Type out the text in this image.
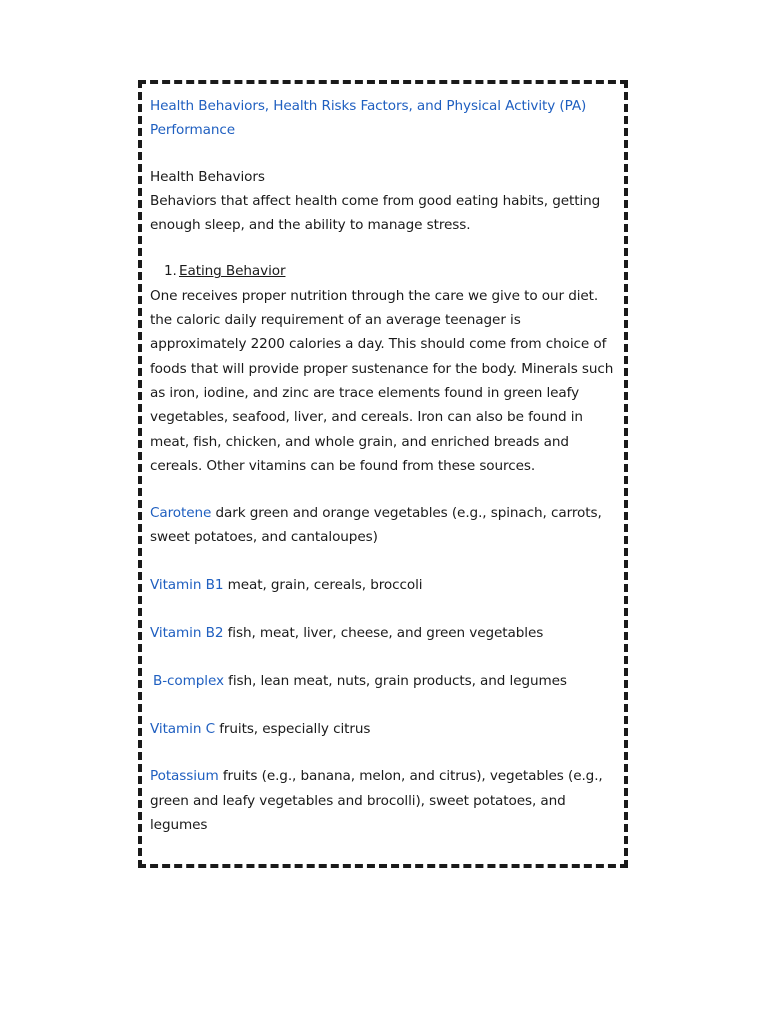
Health Behaviors, Health Risks Factors, and Physical Activity (PA) Performance

Health Behaviors

Behaviors that affect health come from good eating habits, getting enough sleep, and the ability to manage stress.

1. Eating Behavior

One receives proper nutrition through the care we give to our diet. the caloric daily requirement of an average teenager is approximately 2200 calories a day. This should come from choice of foods that will provide proper sustenance for the body. Minerals such as iron, iodine, and zinc are trace elements found in green leafy vegetables, seafood, liver, and cereals. Iron can also be found in meat, fish, chicken, and whole grain, and enriched breads and cereals. Other vitamins can be found from these sources.

Carotene dark green and orange vegetables (e.g., spinach, carrots, sweet potatoes, and cantaloupes)

Vitamin B1 meat, grain, cereals, broccoli

Vitamin B2 fish, meat, liver, cheese, and green vegetables

B-complex fish, lean meat, nuts, grain products, and legumes

Vitamin C fruits, especially citrus

Potassium fruits (e.g., banana, melon, and citrus), vegetables (e.g., green and leafy vegetables and brocolli), sweet potatoes, and legumes
